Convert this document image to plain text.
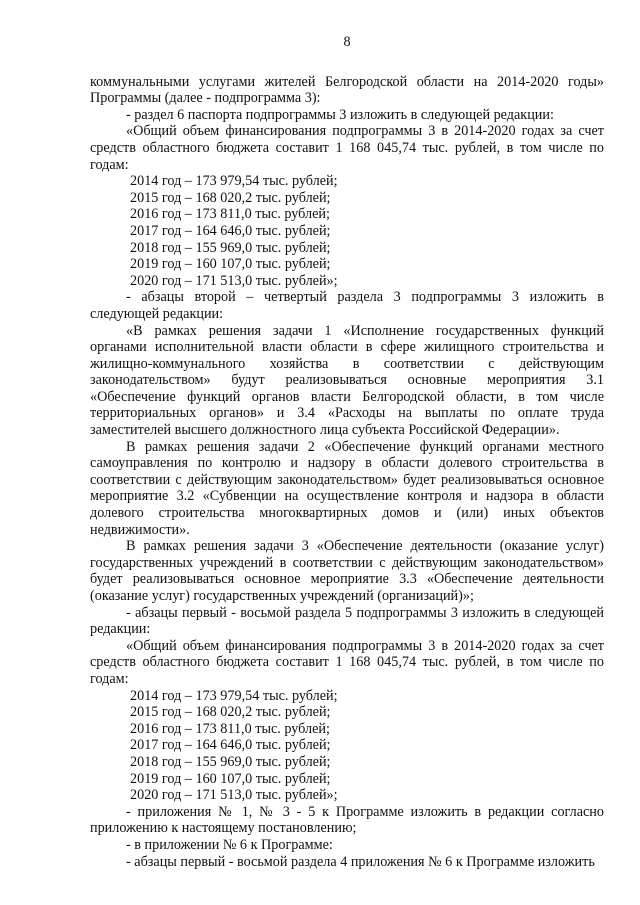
8

коммунальными услугами жителей Белгородской области на 2014-2020 годы» Программы (далее - подпрограмма 3):

- раздел 6 паспорта подпрограммы 3 изложить в следующей редакции:

«Общий объем финансирования подпрограммы 3 в 2014-2020 годах за счет средств областного бюджета составит 1 168 045,74 тыс. рублей, в том числе по годам:

2014 год – 173 979,54 тыс. рублей;

2015 год – 168 020,2 тыс. рублей;

2016 год – 173 811,0 тыс. рублей;

2017 год – 164 646,0 тыс. рублей;

2018 год – 155 969,0 тыс. рублей;

2019 год – 160 107,0 тыс. рублей;

2020 год – 171 513,0 тыс. рублей»;

- абзацы второй – четвертый раздела 3 подпрограммы 3 изложить в следующей редакции:

«В рамках решения задачи 1 «Исполнение государственных функций органами исполнительной власти области в сфере жилищного строительства и жилищно-коммунального хозяйства в соответствии с действующим законодательством» будут реализовываться основные мероприятия 3.1 «Обеспечение функций органов власти Белгородской области, в том числе территориальных органов» и 3.4 «Расходы на выплаты по оплате труда заместителей высшего должностного лица субъекта Российской Федерации».

В рамках решения задачи 2 «Обеспечение функций органами местного самоуправления по контролю и надзору в области долевого строительства в соответствии с действующим законодательством» будет реализовываться основное мероприятие 3.2 «Субвенции на осуществление контроля и надзора в области долевого строительства многоквартирных домов и (или) иных объектов недвижимости».

В рамках решения задачи 3 «Обеспечение деятельности (оказание услуг) государственных учреждений в соответствии с действующим законодательством» будет реализовываться основное мероприятие 3.3 «Обеспечение деятельности (оказание услуг) государственных учреждений (организаций)»;

- абзацы первый - восьмой раздела 5 подпрограммы 3 изложить в следующей редакции:

«Общий объем финансирования подпрограммы 3 в 2014-2020 годах за счет средств областного бюджета составит 1 168 045,74 тыс. рублей, в том числе по годам:

2014 год – 173 979,54 тыс. рублей;

2015 год – 168 020,2 тыс. рублей;

2016 год – 173 811,0 тыс. рублей;

2017 год – 164 646,0 тыс. рублей;

2018 год – 155 969,0 тыс. рублей;

2019 год – 160 107,0 тыс. рублей;

2020 год – 171 513,0 тыс. рублей»;

- приложения № 1, № 3 - 5 к Программе изложить в редакции согласно приложению к настоящему постановлению;

- в приложении № 6 к Программе:

- абзацы первый - восьмой раздела 4 приложения № 6 к Программе изложить
